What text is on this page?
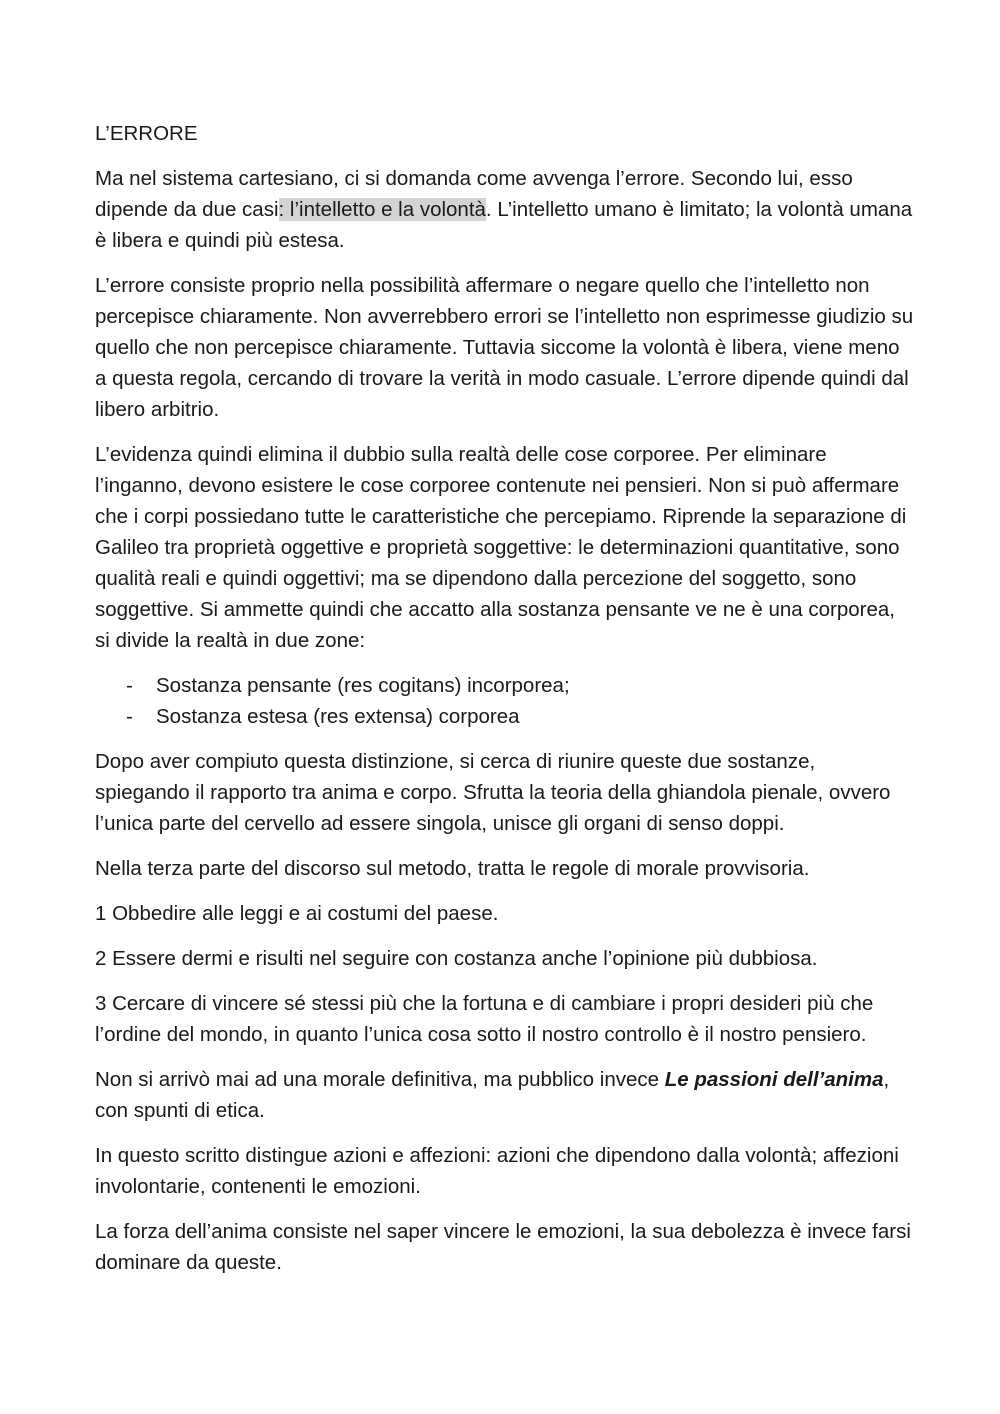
L’ERRORE

Ma nel sistema cartesiano, ci si domanda come avvenga l’errore. Secondo lui, esso dipende da due casi: l’intelletto e la volontà. L’intelletto umano è limitato; la volontà umana è libera e quindi più estesa.

L’errore consiste proprio nella possibilità affermare o negare quello che l’intelletto non percepisce chiaramente. Non avverrebbero errori se l’intelletto non esprimesse giudizio su quello che non percepisce chiaramente. Tuttavia siccome la volontà è libera, viene meno a questa regola, cercando di trovare la verità in modo casuale. L’errore dipende quindi dal libero arbitrio.

L’evidenza quindi elimina il dubbio sulla realtà delle cose corporee. Per eliminare l’inganno, devono esistere le cose corporee contenute nei pensieri. Non si può affermare che i corpi possiedano tutte le caratteristiche che percepiamo. Riprende la separazione di Galileo tra proprietà oggettive e proprietà soggettive: le determinazioni quantitative, sono qualità reali e quindi oggettivi; ma se dipendono dalla percezione del soggetto, sono soggettive. Si ammette quindi che accatto alla sostanza pensante ve ne è una corporea, si divide la realtà in due zone:

- Sostanza pensante (res cogitans) incorporea;
- Sostanza estesa (res extensa) corporea

Dopo aver compiuto questa distinzione, si cerca di riunire queste due sostanze, spiegando il rapporto tra anima e corpo. Sfrutta la teoria della ghiandola pienale, ovvero l’unica parte del cervello ad essere singola, unisce gli organi di senso doppi.

Nella terza parte del discorso sul metodo, tratta le regole di morale provvisoria.

1 Obbedire alle leggi e ai costumi del paese.

2 Essere dermi e risulti nel seguire con costanza anche l’opinione più dubbiosa.

3 Cercare di vincere sé stessi più che la fortuna e di cambiare i propri desideri più che l’ordine del mondo, in quanto l’unica cosa sotto il nostro controllo è il nostro pensiero.

Non si arrivò mai ad una morale definitiva, ma pubblico invece Le passioni dell’anima, con spunti di etica.

In questo scritto distingue azioni e affezioni: azioni che dipendono dalla volontà; affezioni involontarie, contenenti le emozioni.

La forza dell’anima consiste nel saper vincere le emozioni, la sua debolezza è invece farsi dominare da queste.
